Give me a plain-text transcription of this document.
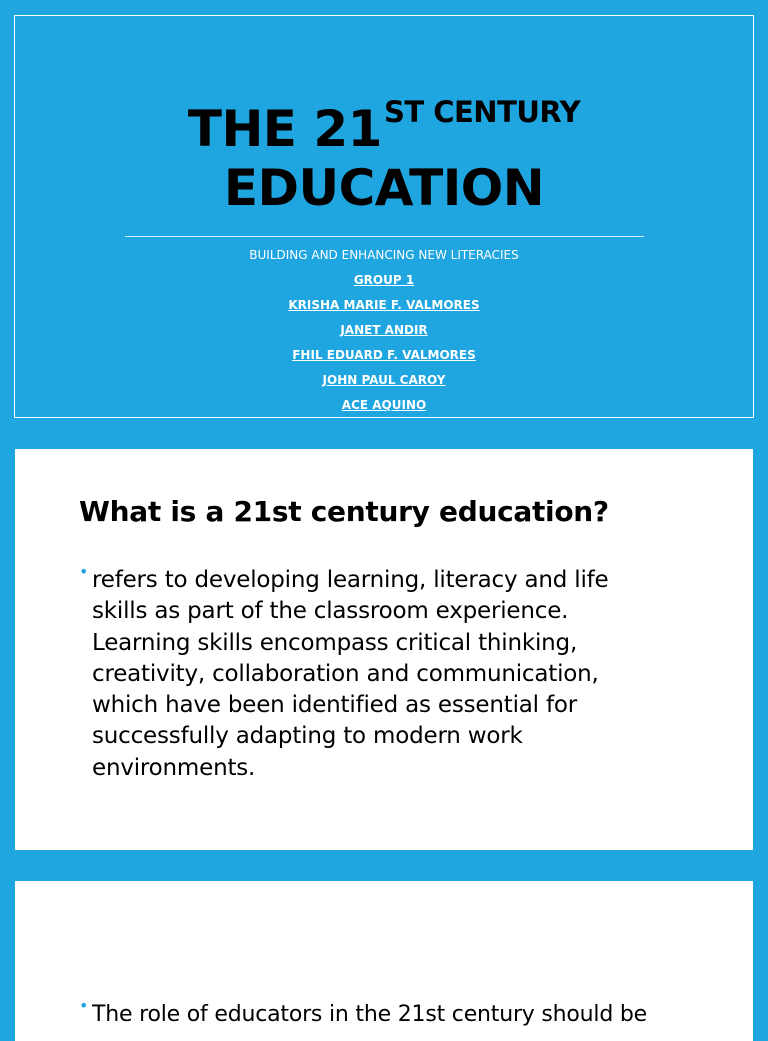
THE $21^{ST CENTURY}$
EDUCATION
BUILDING AND ENHANCING NEW LITERACIES
GROUP 1
KRISHA MARIE F. VALMORES
JANET ANDIR
FHIL EDUARD F. VALMORES
JOHN PAUL CAROY
ACE AQUINO
What is a 21st century education?
• refers to developing learning, literacy and life skills as part of the classroom experience. Learning skills encompass critical thinking, creativity, collaboration and communication, which have been identified as essential for successfully adapting to modern work environments.
• The role of educators in the 21st century should be
